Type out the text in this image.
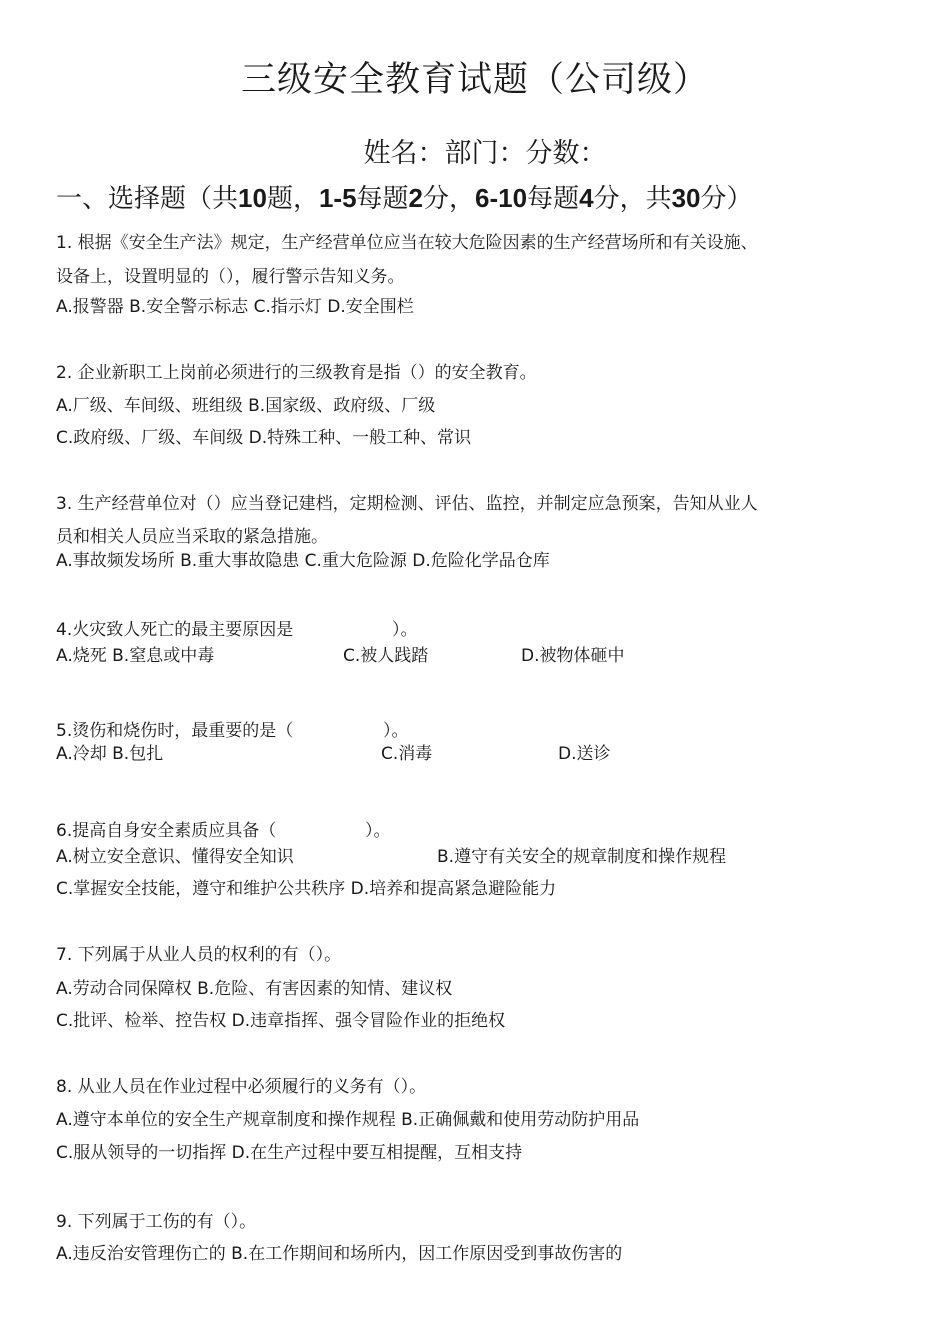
三级安全教育试题（公司级）
姓名：部门：分数：
一、选择题（共10题，1-5每题2分，6-10每题4分，共30分）
1. 根据《安全生产法》规定，生产经营单位应当在较大危险因素的生产经营场所和有关设施、
设备上，设置明显的（），履行警示告知义务。
A.报警器 B.安全警示标志 C.指示灯 D.安全围栏
2. 企业新职工上岗前必须进行的三级教育是指（）的安全教育。
A.厂级、车间级、班组级 B.国家级、政府级、厂级
C.政府级、厂级、车间级 D.特殊工种、一般工种、常识
3. 生产经营单位对（）应当登记建档，定期检测、评估、监控，并制定应急预案，告知从业人
员和相关人员应当采取的紧急措施。
A.事故频发场所 B.重大事故隐患 C.重大危险源 D.危险化学品仓库
4.火灾致人死亡的最主要原因是	）。
A.烧死 B.窒息或中毒	C.被人践踏	D.被物体砸中
5.烫伤和烧伤时，最重要的是（	）。
A.冷却 B.包扎	C.消毒	D.送诊
6.提高自身安全素质应具备（	）。
A.树立安全意识、懂得安全知识	B.遵守有关安全的规章制度和操作规程
C.掌握安全技能，遵守和维护公共秩序 D.培养和提高紧急避险能力
7. 下列属于从业人员的权利的有（）。
A.劳动合同保障权 B.危险、有害因素的知情、建议权
C.批评、检举、控告权 D.违章指挥、强令冒险作业的拒绝权
8. 从业人员在作业过程中必须履行的义务有（）。
A.遵守本单位的安全生产规章制度和操作规程 B.正确佩戴和使用劳动防护用品
C.服从领导的一切指挥 D.在生产过程中要互相提醒，互相支持
9. 下列属于工伤的有（）。
A.违反治安管理伤亡的 B.在工作期间和场所内，因工作原因受到事故伤害的
